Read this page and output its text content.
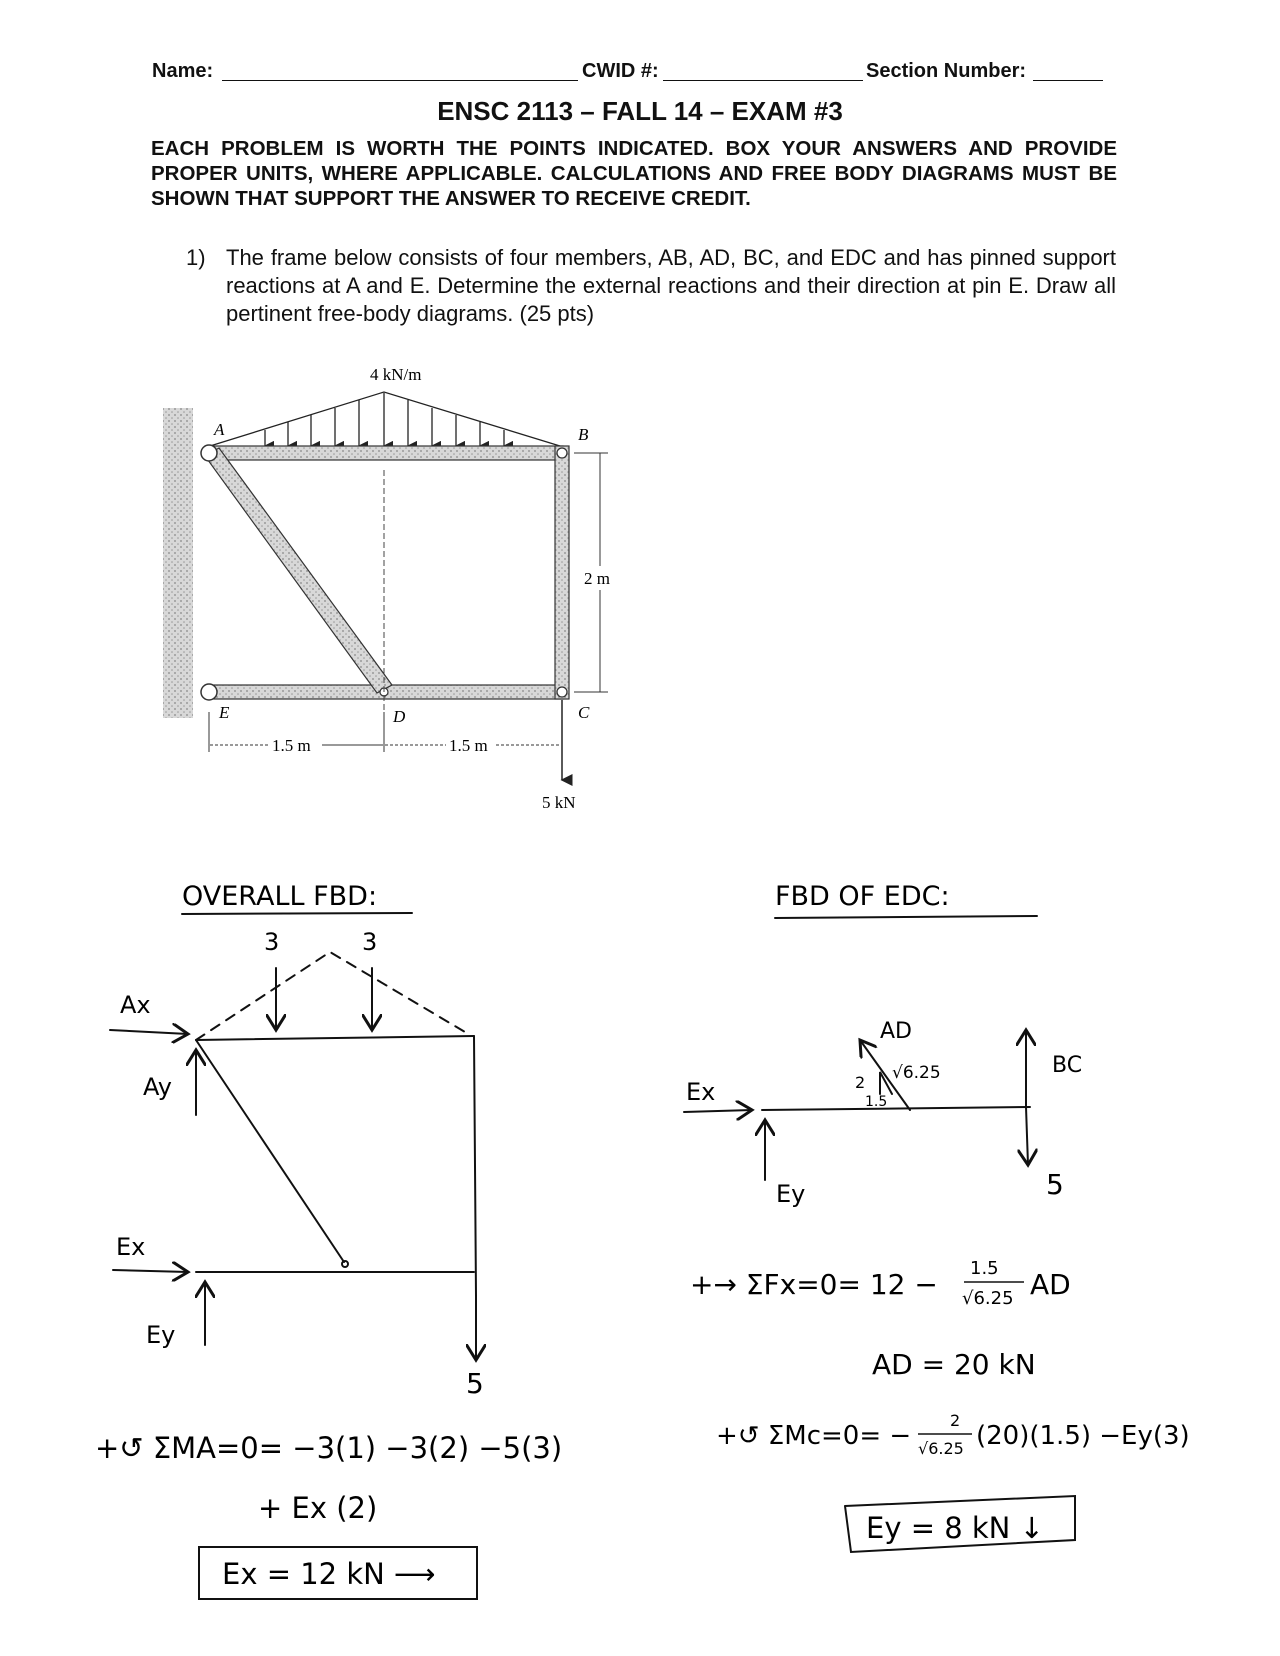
Name:	CWID #:	Section Number:
ENSC 2113 – FALL 14 – EXAM #3
EACH PROBLEM IS WORTH THE POINTS INDICATED. BOX YOUR ANSWERS AND PROVIDE PROPER UNITS, WHERE APPLICABLE. CALCULATIONS AND FREE BODY DIAGRAMS MUST BE SHOWN THAT SUPPORT THE ANSWER TO RECEIVE CREDIT.
1) The frame below consists of four members, AB, AD, BC, and EDC and has pinned support reactions at A and E. Determine the external reactions and their direction at pin E. Draw all pertinent free-body diagrams. (25 pts)
4 kN/m
A	B
C
D
E
2 m
1.5 m	1.5 m
5 kN
OVERALL FBD:
3	3
Ax
Ay
Ex
Ey
5
+↺ ΣMA=0= −3(1) −3(2) −5(3)
+ Ex (2)
Ex = 12 kN ⟶
FBD OF EDC:
AD
BC
Ex
Ey	5
2
1.5
√6.25
+→ ΣFx=0= 12 − 1.5
√6.25 AD
AD = 20 kN
+↺ ΣMc=0= −
2
√6.25 (20)(1.5) −Ey(3)
Ey = 8 kN ↓
